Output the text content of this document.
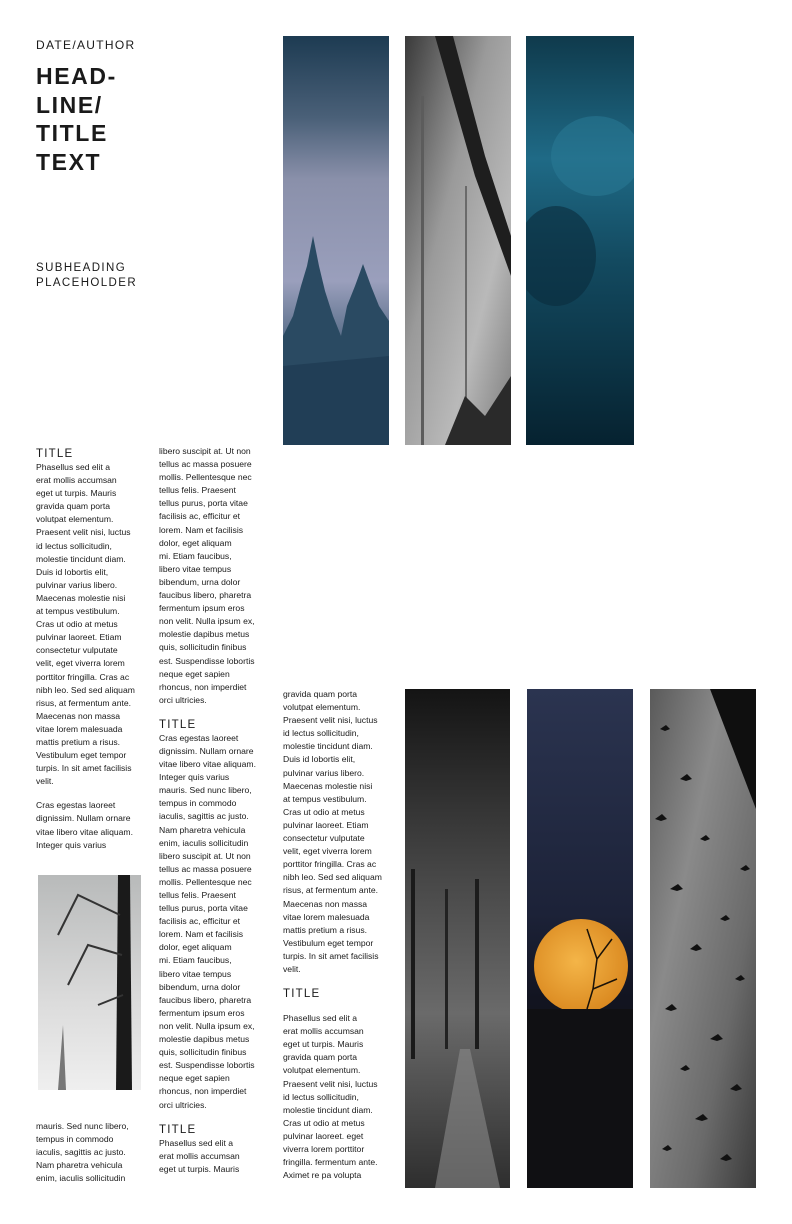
DATE/AUTHOR
HEAD-
LINE/
TITLE
TEXT
SUBHEADING
PLACEHOLDER
TITLE

Phasellus sed elit a
erat mollis accumsan
eget ut turpis. Mauris
gravida quam porta
volutpat elementum.
Praesent velit nisi, luctus
id lectus sollicitudin,
molestie tincidunt diam.
Duis id lobortis elit,
pulvinar varius libero.
Maecenas molestie nisi
at tempus vestibulum.
Cras ut odio at metus
pulvinar laoreet. Etiam
consectetur vulputate
velit, eget viverra lorem
porttitor fringilla. Cras ac
nibh leo. Sed sed aliquam
risus, at fermentum ante.
Maecenas non massa
vitae lorem malesuada
mattis pretium a risus.
Vestibulum eget tempor
turpis. In sit amet facilisis
velit.

Cras egestas laoreet
dignissim. Nullam ornare
vitae libero vitae aliquam.
Integer quis varius

mauris. Sed nunc libero,
tempus in commodo
iaculis, sagittis ac justo.
Nam pharetra vehicula
enim, iaculis sollicitudin

libero suscipit at. Ut non
tellus ac massa posuere
mollis. Pellentesque nec
tellus felis. Praesent
tellus purus, porta vitae
facilisis ac, efficitur et
lorem. Nam et facilisis
dolor, eget aliquam
mi. Etiam faucibus,
libero vitae tempus
bibendum, urna dolor
faucibus libero, pharetra
fermentum ipsum eros
non velit. Nulla ipsum ex,
molestie dapibus metus
quis, sollicitudin finibus
est. Suspendisse lobortis
neque eget sapien
rhoncus, non imperdiet
orci ultricies.

TITLE

Cras egestas laoreet
dignissim. Nullam ornare
vitae libero vitae aliquam.
Integer quis varius
mauris. Sed nunc libero,
tempus in commodo
iaculis, sagittis ac justo.
Nam pharetra vehicula
enim, iaculis sollicitudin
libero suscipit at. Ut non
tellus ac massa posuere
mollis. Pellentesque nec
tellus felis. Praesent
tellus purus, porta vitae
facilisis ac, efficitur et
lorem. Nam et facilisis
dolor, eget aliquam
mi. Etiam faucibus,
libero vitae tempus
bibendum, urna dolor
faucibus libero, pharetra
fermentum ipsum eros
non velit. Nulla ipsum ex,
molestie dapibus metus
quis, sollicitudin finibus
est. Suspendisse lobortis
neque eget sapien
rhoncus, non imperdiet
orci ultricies.

TITLE

Phasellus sed elit a
erat mollis accumsan
eget ut turpis. Mauris

gravida quam porta
volutpat elementum.
Praesent velit nisi, luctus
id lectus sollicitudin,
molestie tincidunt diam.
Duis id lobortis elit,
pulvinar varius libero.
Maecenas molestie nisi
at tempus vestibulum.
Cras ut odio at metus
pulvinar laoreet. Etiam
consectetur vulputate
velit, eget viverra lorem
porttitor fringilla. Cras ac
nibh leo. Sed sed aliquam
risus, at fermentum ante.
Maecenas non massa
vitae lorem malesuada
mattis pretium a risus.
Vestibulum eget tempor
turpis. In sit amet facilisis
velit.

TITLE

Phasellus sed elit a
erat mollis accumsan
eget ut turpis. Mauris
gravida quam porta
volutpat elementum.
Praesent velit nisi, luctus
id lectus sollicitudin,
molestie tincidunt diam.
Cras ut odio at metus
pulvinar laoreet. eget
viverra lorem porttitor
fringilla. fermentum ante.
Aximet re pa volupta
